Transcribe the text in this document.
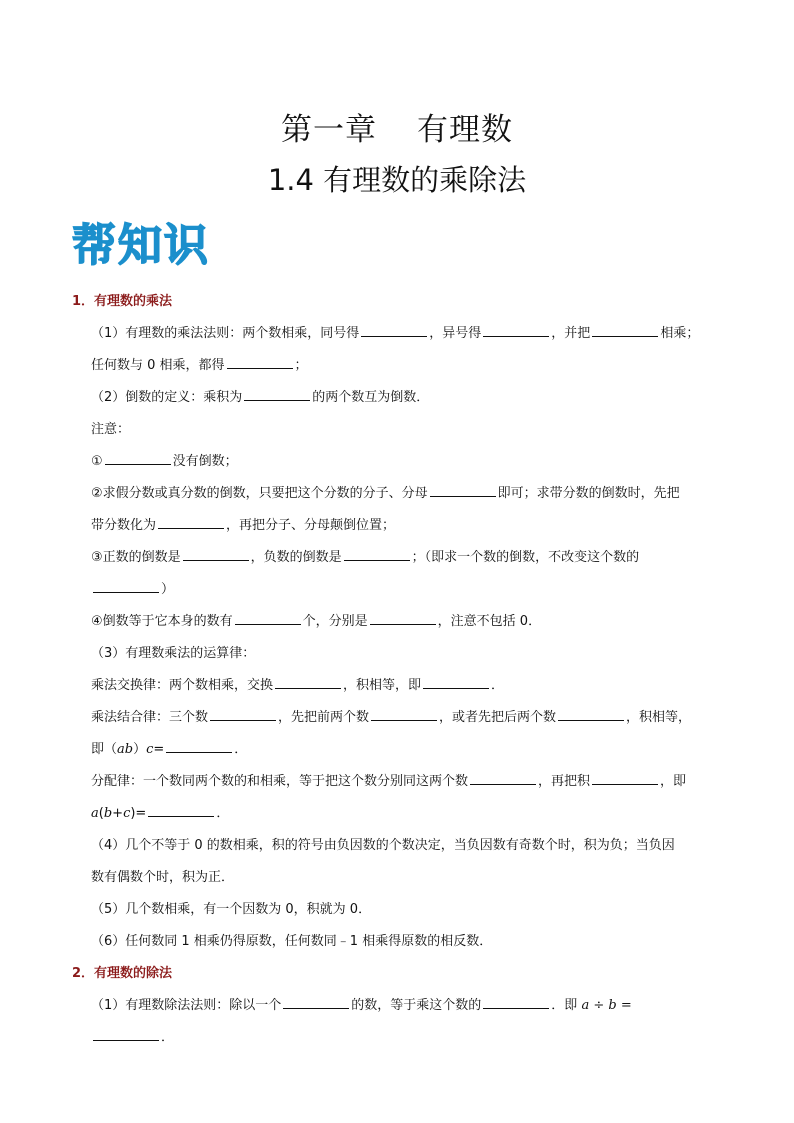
第一章 有理数
1.4 有理数的乘除法
帮知识
1．有理数的乘法
（1）有理数的乘法法则：两个数相乘，同号得	，异号得	，并把	相乘；
任何数与 0 相乘，都得	；
（2）倒数的定义：乘积为	的两个数互为倒数．
注意：
①	没有倒数；
②求假分数或真分数的倒数，只要把这个分数的分子、分母	即可；求带分数的倒数时，先把
带分数化为	，再把分子、分母颠倒位置；
③正数的倒数是	，负数的倒数是	；（即求一个数的倒数，不改变这个数的
）
④倒数等于它本身的数有	个，分别是	，注意不包括 0．
（3）有理数乘法的运算律：
乘法交换律：两个数相乘，交换	，积相等，即	．
乘法结合律：三个数	，先把前两个数	，或者先把后两个数	，积相等，
即（ab）c=	．
分配律：一个数同两个数的和相乘，等于把这个数分别同这两个数	，再把积	，即
a(b+c)=	．
（4）几个不等于 0 的数相乘，积的符号由负因数的个数决定，当负因数有奇数个时，积为负；当负因
数有偶数个时，积为正．
（5）几个数相乘，有一个因数为 0，积就为 0．
（6）任何数同 1 相乘仍得原数，任何数同﹣1 相乘得原数的相反数．
2．有理数的除法
（1）有理数除法法则：除以一个	的数，等于乘这个数的	．即 a ÷ b =
．
